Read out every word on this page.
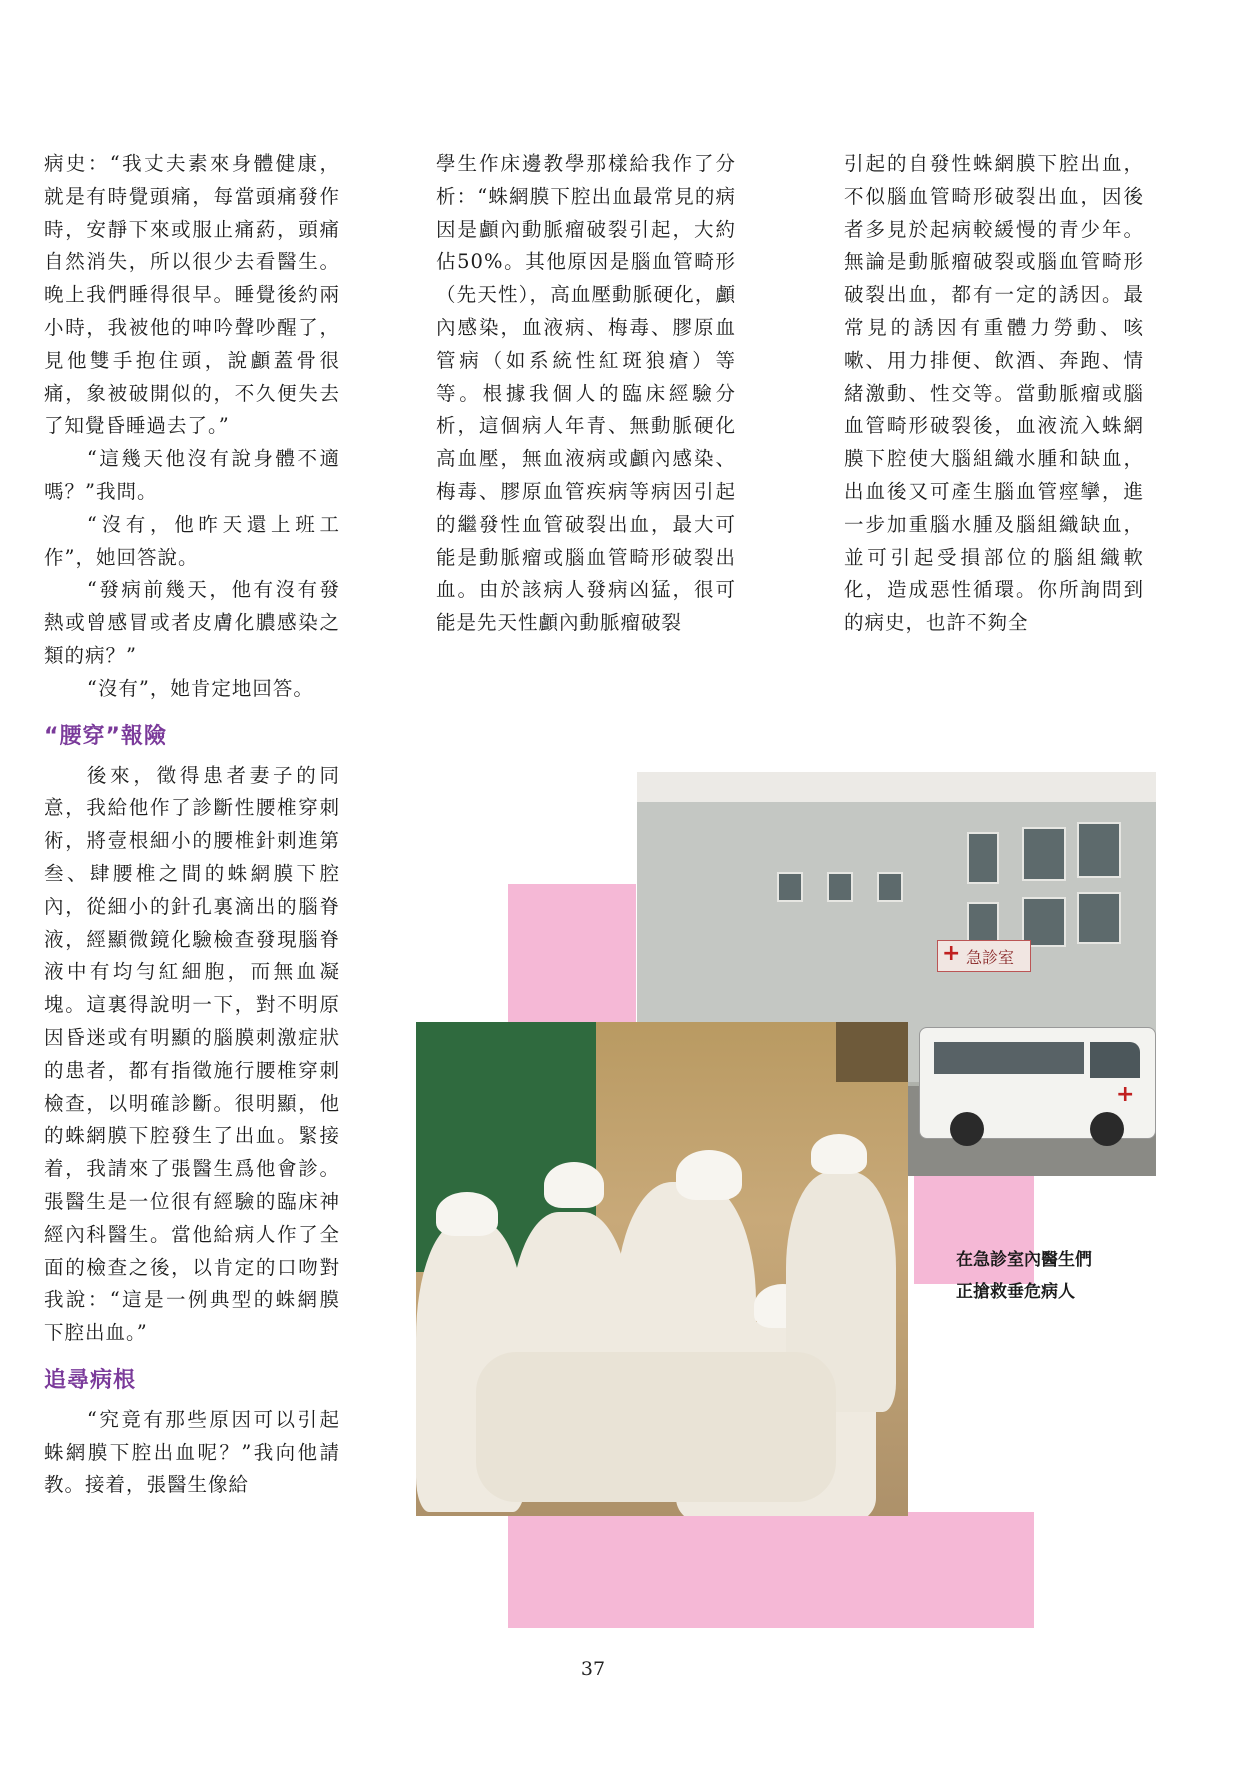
病史：“我丈夫素來身體健康，就是有時覺頭痛，每當頭痛發作時，安靜下來或服止痛葯，頭痛自然消失，所以很少去看醫生。晚上我們睡得很早。睡覺後約兩小時，我被他的呻吟聲吵醒了，見他雙手抱住頭，說顱蓋骨很痛，象被破開似的，不久便失去了知覺昏睡過去了。”

“這幾天他沒有說身體不適嗎？”我問。

“沒有，他昨天還上班工作”，她回答說。

“發病前幾天，他有沒有發熱或曾感冒或者皮膚化膿感染之類的病？”

“沒有”，她肯定地回答。

“腰穿”報險

後來，徵得患者妻子的同意，我給他作了診斷性腰椎穿刺術，將壹根細小的腰椎針刺進第叁、肆腰椎之間的蛛網膜下腔內，從細小的針孔裏滴出的腦脊液，經顯微鏡化驗檢查發現腦脊液中有均勻紅細胞，而無血凝塊。這裏得說明一下，對不明原因昏迷或有明顯的腦膜刺激症狀的患者，都有指徵施行腰椎穿刺檢查，以明確診斷。很明顯，他的蛛網膜下腔發生了出血。緊接着，我請來了張醫生爲他會診。張醫生是一位很有經驗的臨床神經內科醫生。當他給病人作了全面的檢查之後，以肯定的口吻對我說：“這是一例典型的蛛網膜下腔出血。”

追尋病根

“究竟有那些原因可以引起蛛網膜下腔出血呢？”我向他請教。接着，張醫生像給

學生作床邊教學那樣給我作了分析：“蛛網膜下腔出血最常見的病因是顱內動脈瘤破裂引起，大約佔50%。其他原因是腦血管畸形（先天性），高血壓動脈硬化，顱內感染，血液病、梅毒、膠原血管病（如系統性紅斑狼瘡）等等。根據我個人的臨床經驗分析，這個病人年青、無動脈硬化高血壓，無血液病或顱內感染、梅毒、膠原血管疾病等病因引起的繼發性血管破裂出血，最大可能是動脈瘤或腦血管畸形破裂出血。由於該病人發病凶猛，很可能是先天性顱內動脈瘤破裂

引起的自發性蛛網膜下腔出血，不似腦血管畸形破裂出血，因後者多見於起病較緩慢的青少年。無論是動脈瘤破裂或腦血管畸形破裂出血，都有一定的誘因。最常見的誘因有重體力勞動、咳嗽、用力排便、飲酒、奔跑、情緒激動、性交等。當動脈瘤或腦血管畸形破裂後，血液流入蛛網膜下腔使大腦組織水腫和缺血，出血後又可產生腦血管痙攣，進一步加重腦水腫及腦組織缺血，並可引起受損部位的腦組織軟化，造成惡性循環。你所詢問到的病史，也許不夠全

+ 急診室
+

在急診室內醫生們

正搶救垂危病人

37
